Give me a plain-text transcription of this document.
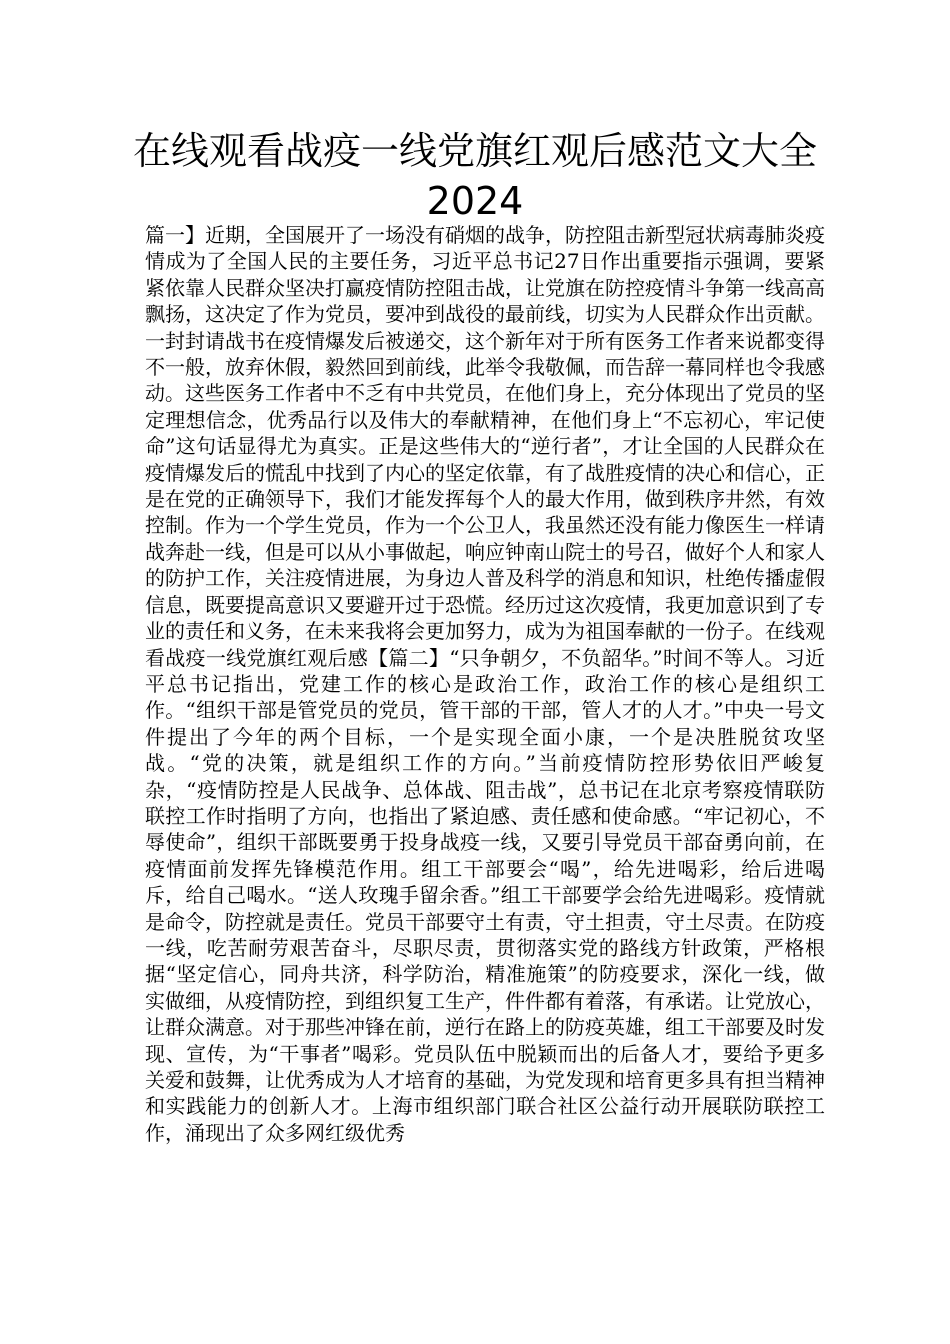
在线观看战疫一线党旗红观后感范文大全2024

篇一】近期，全国展开了一场没有硝烟的战争，防控阻击新型冠状病毒肺炎疫情成为了全国人民的主要任务，习近平总书记27日作出重要指示强调，要紧紧依靠人民群众坚决打赢疫情防控阻击战，让党旗在防控疫情斗争第一线高高飘扬，这决定了作为党员，要冲到战役的最前线，切实为人民群众作出贡献。一封封请战书在疫情爆发后被递交，这个新年对于所有医务工作者来说都变得不一般，放弃休假，毅然回到前线，此举令我敬佩，而告辞一幕同样也令我感动。这些医务工作者中不乏有中共党员，在他们身上，充分体现出了党员的坚定理想信念，优秀品行以及伟大的奉献精神，在他们身上“不忘初心，牢记使命”这句话显得尤为真实。正是这些伟大的“逆行者”，才让全国的人民群众在疫情爆发后的慌乱中找到了内心的坚定依靠，有了战胜疫情的决心和信心，正是在党的正确领导下，我们才能发挥每个人的最大作用，做到秩序井然，有效控制。作为一个学生党员，作为一个公卫人，我虽然还没有能力像医生一样请战奔赴一线，但是可以从小事做起，响应钟南山院士的号召，做好个人和家人的防护工作，关注疫情进展，为身边人普及科学的消息和知识，杜绝传播虚假信息，既要提高意识又要避开过于恐慌。经历过这次疫情，我更加意识到了专业的责任和义务，在未来我将会更加努力，成为为祖国奉献的一份子。在线观看战疫一线党旗红观后感【篇二】“只争朝夕，不负韶华。”时间不等人。习近平总书记指出，党建工作的核心是政治工作，政治工作的核心是组织工作。“组织干部是管党员的党员，管干部的干部，管人才的人才。”中央一号文件提出了今年的两个目标，一个是实现全面小康，一个是决胜脱贫攻坚战。“党的决策，就是组织工作的方向。”当前疫情防控形势依旧严峻复杂，“疫情防控是人民战争、总体战、阻击战”，总书记在北京考察疫情联防联控工作时指明了方向，也指出了紧迫感、责任感和使命感。“牢记初心，不辱使命”，组织干部既要勇于投身战疫一线，又要引导党员干部奋勇向前，在疫情面前发挥先锋模范作用。组工干部要会“喝”，给先进喝彩，给后进喝斥，给自己喝水。“送人玫瑰手留余香。”组工干部要学会给先进喝彩。疫情就是命令，防控就是责任。党员干部要守土有责，守土担责，守土尽责。在防疫一线，吃苦耐劳艰苦奋斗，尽职尽责，贯彻落实党的路线方针政策，严格根据“坚定信心，同舟共济，科学防治，精准施策”的防疫要求，深化一线，做实做细，从疫情防控，到组织复工生产，件件都有着落，有承诺。让党放心，让群众满意。对于那些冲锋在前，逆行在路上的防疫英雄，组工干部要及时发现、宣传，为“干事者”喝彩。党员队伍中脱颖而出的后备人才，要给予更多关爱和鼓舞，让优秀成为人才培育的基础，为党发现和培育更多具有担当精神和实践能力的创新人才。上海市组织部门联合社区公益行动开展联防联控工作，涌现出了众多网红级优秀
